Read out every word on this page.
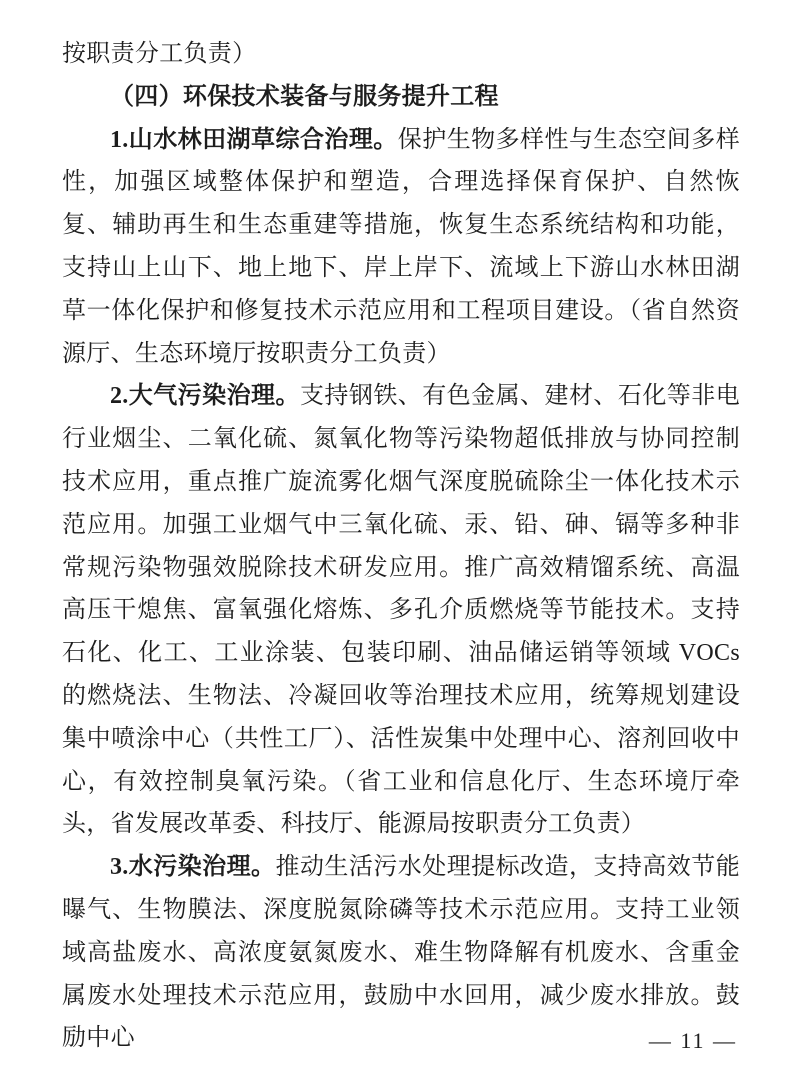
按职责分工负责）

（四）环保技术装备与服务提升工程

1.山水林田湖草综合治理。保护生物多样性与生态空间多样性，加强区域整体保护和塑造，合理选择保育保护、自然恢复、辅助再生和生态重建等措施，恢复生态系统结构和功能，支持山上山下、地上地下、岸上岸下、流域上下游山水林田湖草一体化保护和修复技术示范应用和工程项目建设。（省自然资源厅、生态环境厅按职责分工负责）

2.大气污染治理。支持钢铁、有色金属、建材、石化等非电行业烟尘、二氧化硫、氮氧化物等污染物超低排放与协同控制技术应用，重点推广旋流雾化烟气深度脱硫除尘一体化技术示范应用。加强工业烟气中三氧化硫、汞、铅、砷、镉等多种非常规污染物强效脱除技术研发应用。推广高效精馏系统、高温高压干熄焦、富氧强化熔炼、多孔介质燃烧等节能技术。支持石化、化工、工业涂装、包装印刷、油品储运销等领域 VOCs 的燃烧法、生物法、冷凝回收等治理技术应用，统筹规划建设集中喷涂中心（共性工厂）、活性炭集中处理中心、溶剂回收中心，有效控制臭氧污染。（省工业和信息化厅、生态环境厅牵头，省发展改革委、科技厅、能源局按职责分工负责）

3.水污染治理。推动生活污水处理提标改造，支持高效节能曝气、生物膜法、深度脱氮除磷等技术示范应用。支持工业领域高盐废水、高浓度氨氮废水、难生物降解有机废水、含重金属废水处理技术示范应用，鼓励中水回用，减少废水排放。鼓励中心	— 11 —
